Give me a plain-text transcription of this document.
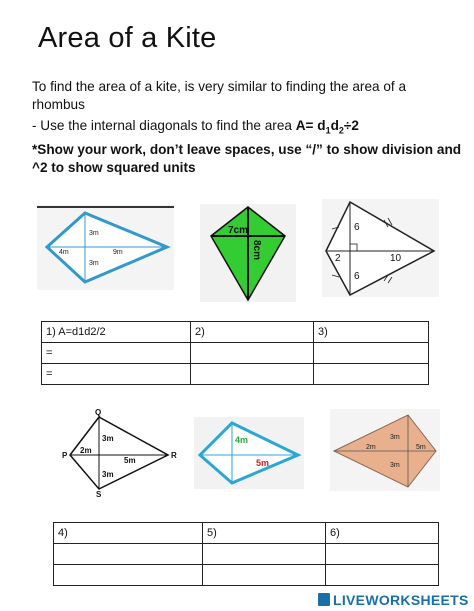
Area of a Kite
To find the area of a kite, is very similar to finding the area of a rhombus
- Use the internal diagonals to find the area $A= d_1d_2\div 2$
*Show your work, don’t leave spaces, use “/” to show division and ^2 to show squared units
3m
4m	9m
3m
7cm
8cm
6
2	10
6
1) A=d1d2/2	2)	3)
=		
=		
Q
P	R
S
3m
2m
5m
3m
4m
5m
3m
2m	5m
3m
4)	5)	6)

LIVEWORKSHEETS
